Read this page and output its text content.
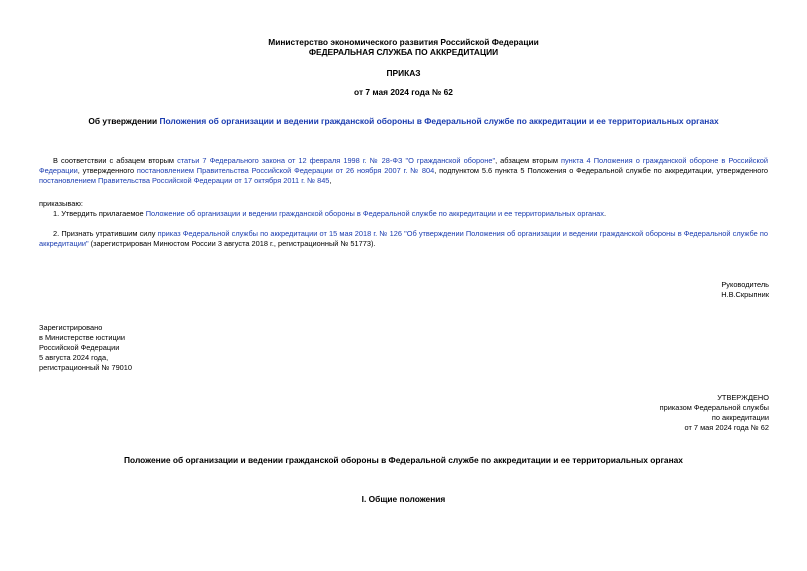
Министерство экономического развития Российской Федерации
ФЕДЕРАЛЬНАЯ СЛУЖБА ПО АККРЕДИТАЦИИ
ПРИКАЗ
от 7 мая 2024 года № 62
Об утверждении Положения об организации и ведении гражданской обороны в Федеральной службе по аккредитации и ее территориальных органах
В соответствии с абзацем вторым статьи 7 Федерального закона от 12 февраля 1998 г. № 28-ФЗ "О гражданской обороне", абзацем вторым пункта 4 Положения о гражданской обороне в Российской Федерации, утвержденного постановлением Правительства Российской Федерации от 26 ноября 2007 г. № 804, подпунктом 5.6 пункта 5 Положения о Федеральной службе по аккредитации, утвержденного постановлением Правительства Российской Федерации от 17 октября 2011 г. № 845,
приказываю:
1. Утвердить прилагаемое Положение об организации и ведении гражданской обороны в Федеральной службе по аккредитации и ее территориальных органах.
2. Признать утратившим силу приказ Федеральной службы по аккредитации от 15 мая 2018 г. № 126 "Об утверждении Положения об организации и ведении гражданской обороны в Федеральной службе по аккредитации" (зарегистрирован Минюстом России 3 августа 2018 г., регистрационный № 51773).
Руководитель
Н.В.Скрыпник
Зарегистрировано
в Министерстве юстиции
Российской Федерации
5 августа 2024 года,
регистрационный № 79010
УТВЕРЖДЕНО
приказом Федеральной службы
по аккредитации
от 7 мая 2024 года № 62
Положение об организации и ведении гражданской обороны в Федеральной службе по аккредитации и ее территориальных органах
I. Общие положения
